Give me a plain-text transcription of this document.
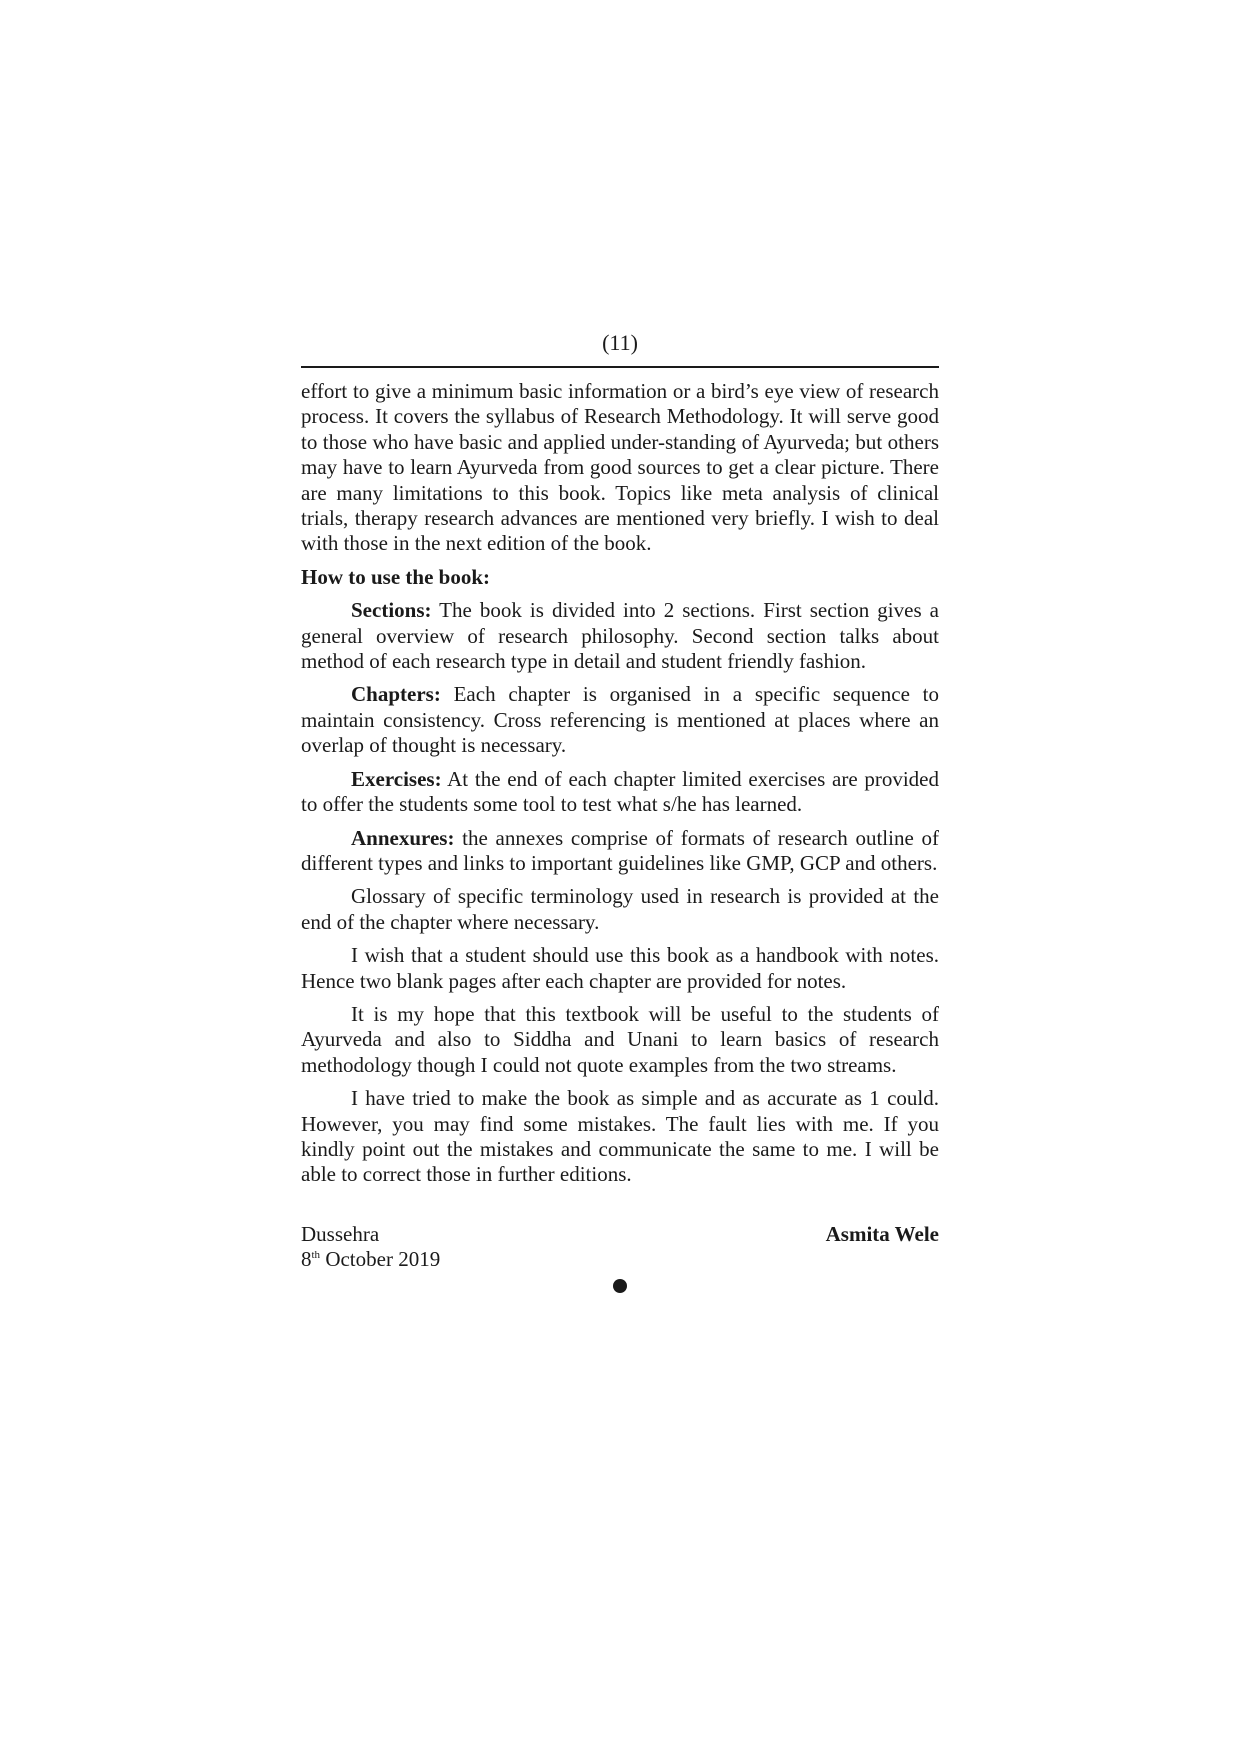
(11)

effort to give a minimum basic information or a bird’s eye view of research process. It covers the syllabus of Research Methodology. It will serve good to those who have basic and applied under-standing of Ayurveda; but others may have to learn Ayurveda from good sources to get a clear picture. There are many limitations to this book. Topics like meta analysis of clinical trials, therapy research advances are mentioned very briefly. I wish to deal with those in the next edition of the book.

How to use the book:

Sections: The book is divided into 2 sections. First section gives a general overview of research philosophy. Second section talks about method of each research type in detail and student friendly fashion.

Chapters: Each chapter is organised in a specific sequence to maintain consistency. Cross referencing is mentioned at places where an overlap of thought is necessary.

Exercises: At the end of each chapter limited exercises are provided to offer the students some tool to test what s/he has learned.

Annexures: the annexes comprise of formats of research outline of different types and links to important guidelines like GMP, GCP and others.

Glossary of specific terminology used in research is provided at the end of the chapter where necessary.

I wish that a student should use this book as a handbook with notes. Hence two blank pages after each chapter are provided for notes.

It is my hope that this textbook will be useful to the students of Ayurveda and also to Siddha and Unani to learn basics of research methodology though I could not quote examples from the two streams.

I have tried to make the book as simple and as accurate as 1 could. However, you may find some mistakes. The fault lies with me. If you kindly point out the mistakes and communicate the same to me. I will be able to correct those in further editions.

Dussehra
8th October 2019
Asmita Wele
